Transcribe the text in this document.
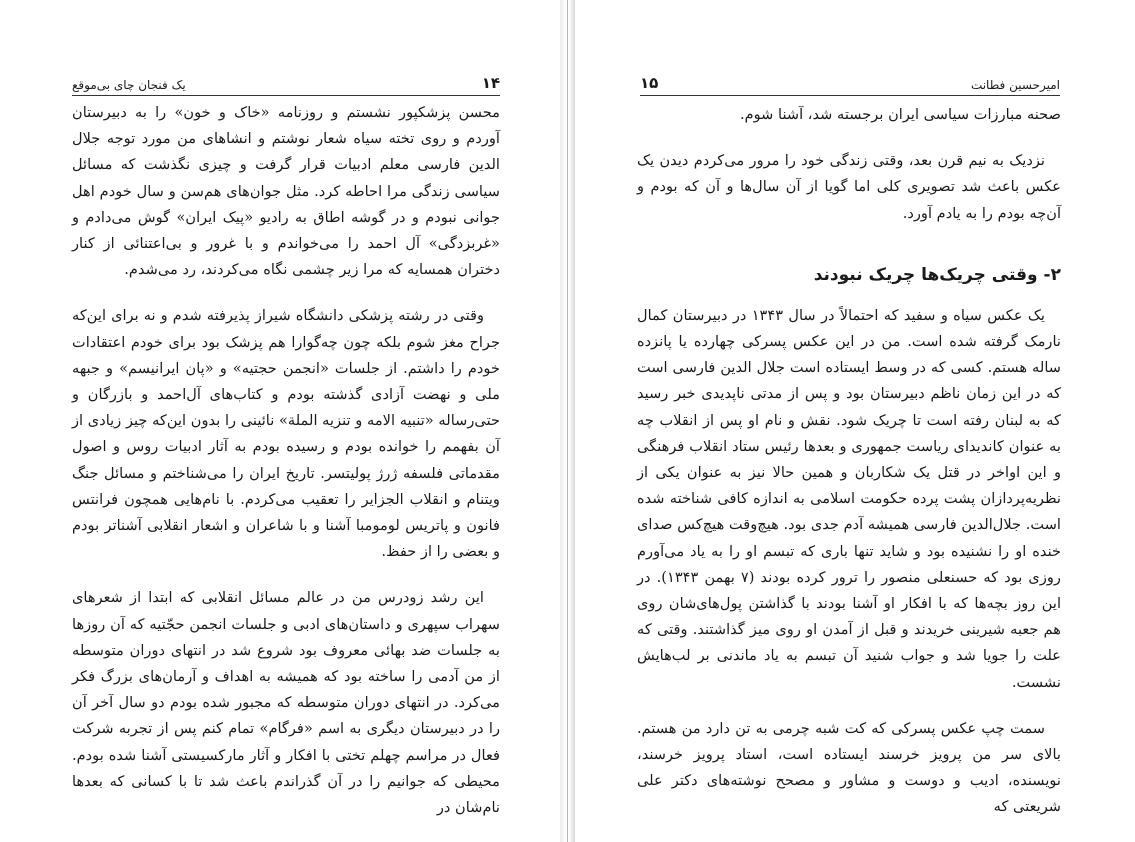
۱۴
یک فنجان چای بی‌موقع

محسن پزشکپور نشستم و روزنامه «خاک و خون» را به دبیرستان آوردم و روی تخته سیاه شعار نوشتم و انشاهای من مورد توجه جلال الدین فارسی معلم ادبیات قرار گرفت و چیزی نگذشت که مسائل سیاسی زندگی‌ مرا احاطه کرد. مثل جوان‌های هم‌سن و سال خودم اهل جوانی نبودم و در گوشه اطاق به رادیو «پیک ایران» گوش می‌دادم و «غربزدگی» آل احمد را می‌خواندم و با غرور و بی‌اعتنائی از کنار دختران همسایه که مرا زیر چشمی نگاه می‌کردند، رد می‌شدم.

وقتی در رشته پزشکی دانشگاه شیراز پذیرفته شدم و نه برای این‌که جراح مغز شوم بلکه چون چه‌گوارا هم پزشک بود برای خودم اعتقادات خودم را داشتم. از جلسات «انجمن حجتیه» و «پان ایرانیسم» و جبهه ملی و نهضت آزادی گذشته بودم و کتاب‌های آل‌احمد و بازرگان و حتی‌رساله «تنبیه الامه و تنزیه الملة» نائینی را بدون این‌که چیز زیادی از آن بفهمم را خوانده بودم و رسیده بودم به آثار ادبیات روس و اصول مقدماتی فلسفه ژرژ پولیتسر. تاریخ ایران را می‌شناختم و مسائل جنگ ویتنام و انقلاب الجزایر را تعقیب می‌کردم. با نام‌هایی همچون فرانتس فانون و پاتریس لومومبا آشنا و با شاعران و اشعار انقلابی آشناتر بودم و بعضی را از حفظ.

این رشد زودرس من در عالم مسائل انقلابی که ابتدا از شعرهای سهراب سپهری و داستان‌های ادبی و جلسات انجمن حجّتیه که آن روزها به جلسات ضد بهائی معروف بود شروع شد در انتهای دوران متوسطه از من آدمی را ساخته بود که همیشه به اهداف و آرمان‌های بزرگ فکر می‌کرد. در انتهای دوران متوسطه که مجبور شده بودم دو سال آخر آن را در دبیرستان دیگری به اسم «فرگام» تمام کنم پس از تجربه شرکت فعال در مراسم چهلم تختی با افکار و آثار مارکسیستی آشنا شده بودم. محیطی که جوانیم را در آن گذراندم باعث شد تا با کسانی که بعدها نام‌شان در

امیرحسین فطانت
۱۵

صحنه مبارزات سیاسی ایران برجسته شد، آشنا شوم.

نزدیک به نیم قرن بعد، وقتی زندگی خود را مرور می‌کردم دیدن یک عکس باعث شد تصویری کلی اما گویا از آن سال‌ها و آن که بودم و آن‌چه بودم را به یادم آورد.

۲- وقتی چریک‌ها چریک نبودند

یک عکس سیاه و سفید که احتمالاً در سال ۱۳۴۳ در دبیرستان کمال نارمک گرفته شده است. من در این عکس پسرکی چهارده یا پانزده ساله هستم. کسی که در وسط ایستاده است جلال الدین فارسی است که در این زمان ناظم دبیرستان بود و پس از مدتی ناپدیدی خبر رسید که به لبنان رفته است تا چریک شود. نقش و نام او پس از انقلاب چه به عنوان کاندیدای ریاست جمهوری و بعدها رئیس ستاد انقلاب فرهنگی و این اواخر در قتل یک شکاربان و همین حالا نیز به عنوان یکی از نظریه‌پردازان پشت پرده حکومت اسلامی به اندازه کافی شناخته شده است. جلال‌الدین فارسی همیشه آدم جدی بود. هیچ‌وقت هیچ‌کس صدای خنده او را نشنیده بود و شاید تنها باری که تبسم او را به یاد می‌آورم روزی بود که حسنعلی منصور را ترور کرده بودند (۷ بهمن ۱۳۴۳). در این روز بچه‌ها که با افکار او آشنا بودند با گذاشتن پول‌های‌شان روی هم جعبه شیرینی خریدند و قبل از آمدن او روی میز گذاشتند. وقتی که علت را جویا شد و جواب شنید آن تبسم به یاد ماندنی بر لب‌هایش نشست.

سمت چپ عکس پسرکی که کت شبه چرمی به تن دارد من هستم. بالای سر من پرویز خرسند ایستاده است، استاد پرویز خرسند، نویسنده، ادیب و دوست و مشاور و مصحح نوشته‌های دکتر علی شریعتی که
